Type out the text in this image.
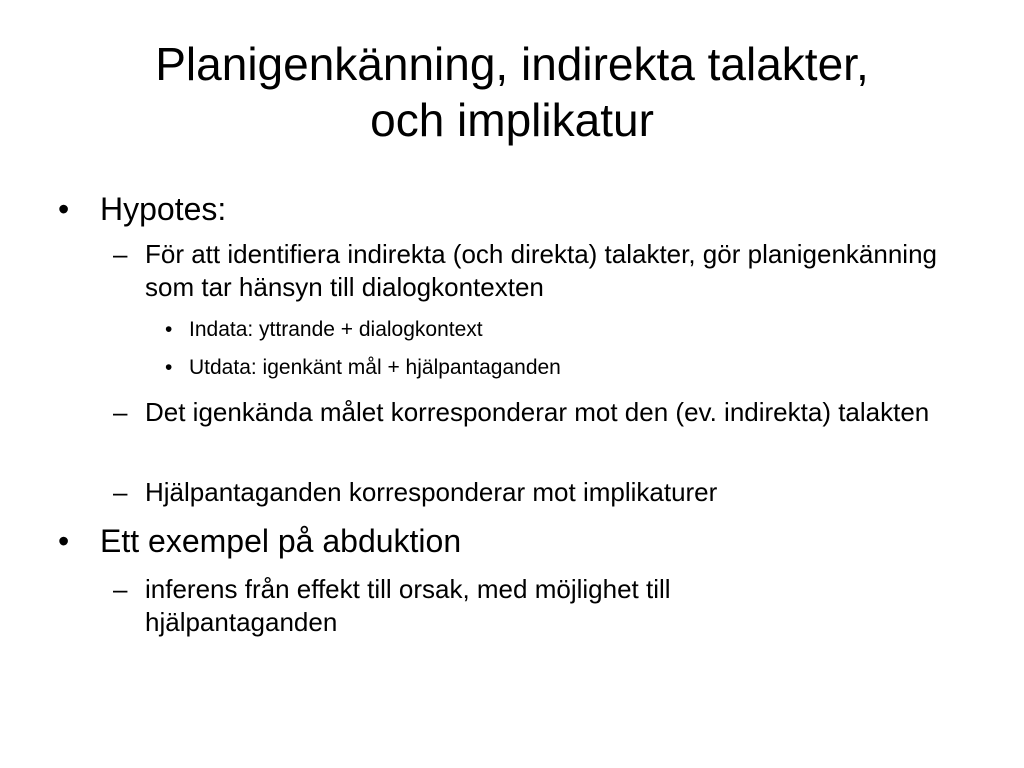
Planigenkänning, indirekta talakter,
och implikatur

• Hypotes:

– För att identifiera indirekta (och direkta) talakter, gör planigenkänning som tar hänsyn till dialogkontexten

• Indata: yttrande + dialogkontext

• Utdata: igenkänt mål + hjälpantaganden

– Det igenkända målet korresponderar mot den (ev. indirekta) talakten

– Hjälpantaganden korresponderar mot implikaturer

• Ett exempel på abduktion

– inferens från effekt till orsak, med möjlighet till hjälpantaganden
